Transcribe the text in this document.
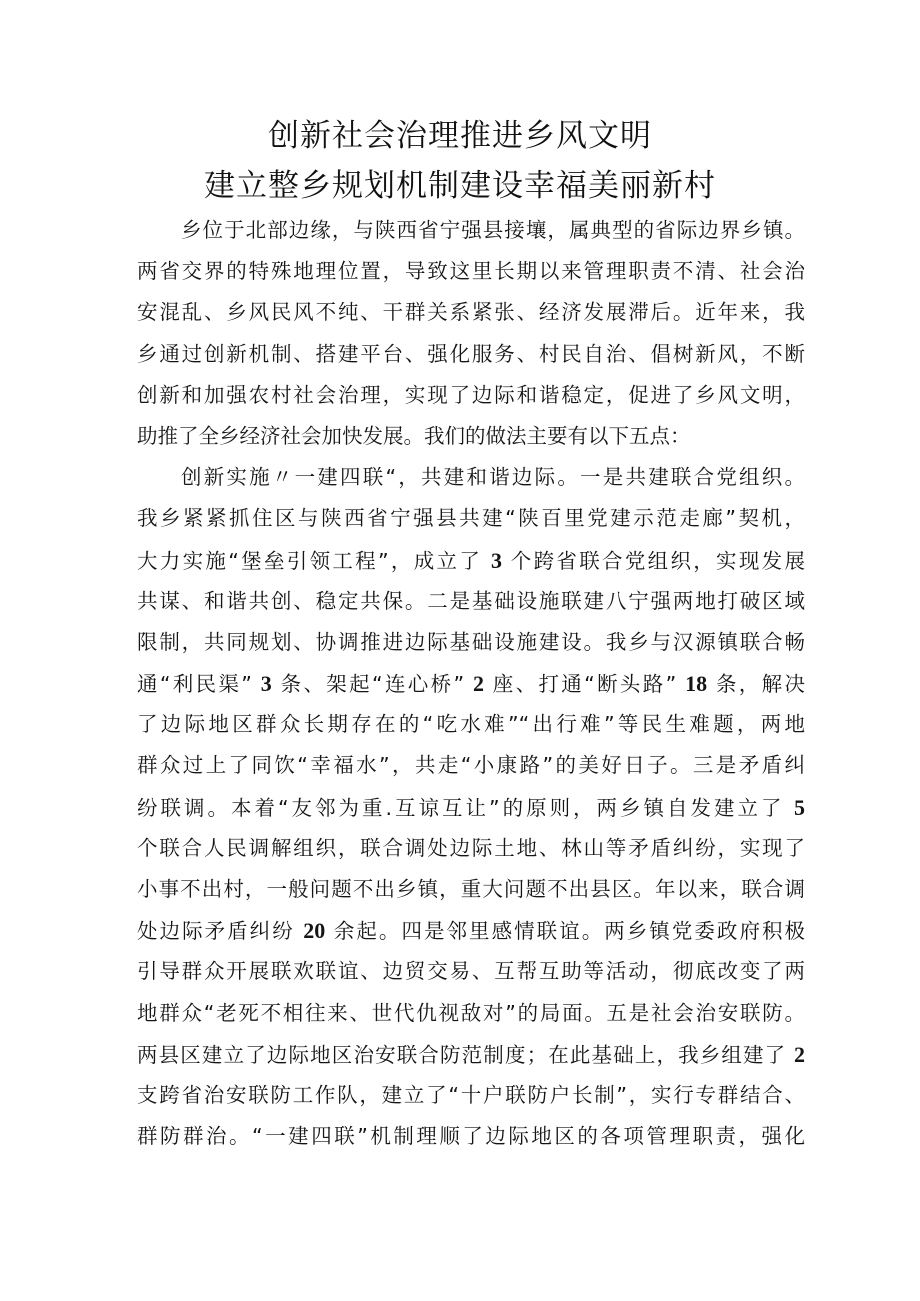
创新社会治理推进乡风文明
建立整乡规划机制建设幸福美丽新村
乡位于北部边缘，与陕西省宁强县接壤，属典型的省际边界乡镇。
两省交界的特殊地理位置，导致这里长期以来管理职责不清、社会治
安混乱、乡风民风不纯、干群关系紧张、经济发展滞后。近年来，我
乡通过创新机制、搭建平台、强化服务、村民自治、倡树新风，不断
创新和加强农村社会治理，实现了边际和谐稳定，促进了乡风文明，
助推了全乡经济社会加快发展。我们的做法主要有以下五点：
创新实施〃一建四联“，共建和谐边际。一是共建联合党组织。
我乡紧紧抓住区与陕西省宁强县共建“陕百里党建示范走廊”契机，
大力实施“堡垒引领工程”，成立了 3 个跨省联合党组织，实现发展
共谋、和谐共创、稳定共保。二是基础设施联建八宁强两地打破区域
限制，共同规划、协调推进边际基础设施建设。我乡与汉源镇联合畅
通“利民渠” 3 条、架起“连心桥” 2 座、打通“断头路” 18 条，解决
了边际地区群众长期存在的“吃水难”“出行难”等民生难题，两地
群众过上了同饮“幸福水”，共走“小康路”的美好日子。三是矛盾纠
纷联调。本着“友邻为重.互谅互让”的原则，两乡镇自发建立了 5
个联合人民调解组织，联合调处边际土地、林山等矛盾纠纷，实现了
小事不出村，一般问题不出乡镇，重大问题不出县区。年以来，联合调
处边际矛盾纠纷 20 余起。四是邻里感情联谊。两乡镇党委政府积极
引导群众开展联欢联谊、边贸交易、互帮互助等活动，彻底改变了两
地群众“老死不相往来、世代仇视敌对”的局面。五是社会治安联防。
两县区建立了边际地区治安联合防范制度；在此基础上，我乡组建了 2
支跨省治安联防工作队，建立了“十户联防户长制”，实行专群结合、
群防群治。“一建四联”机制理顺了边际地区的各项管理职责，强化
